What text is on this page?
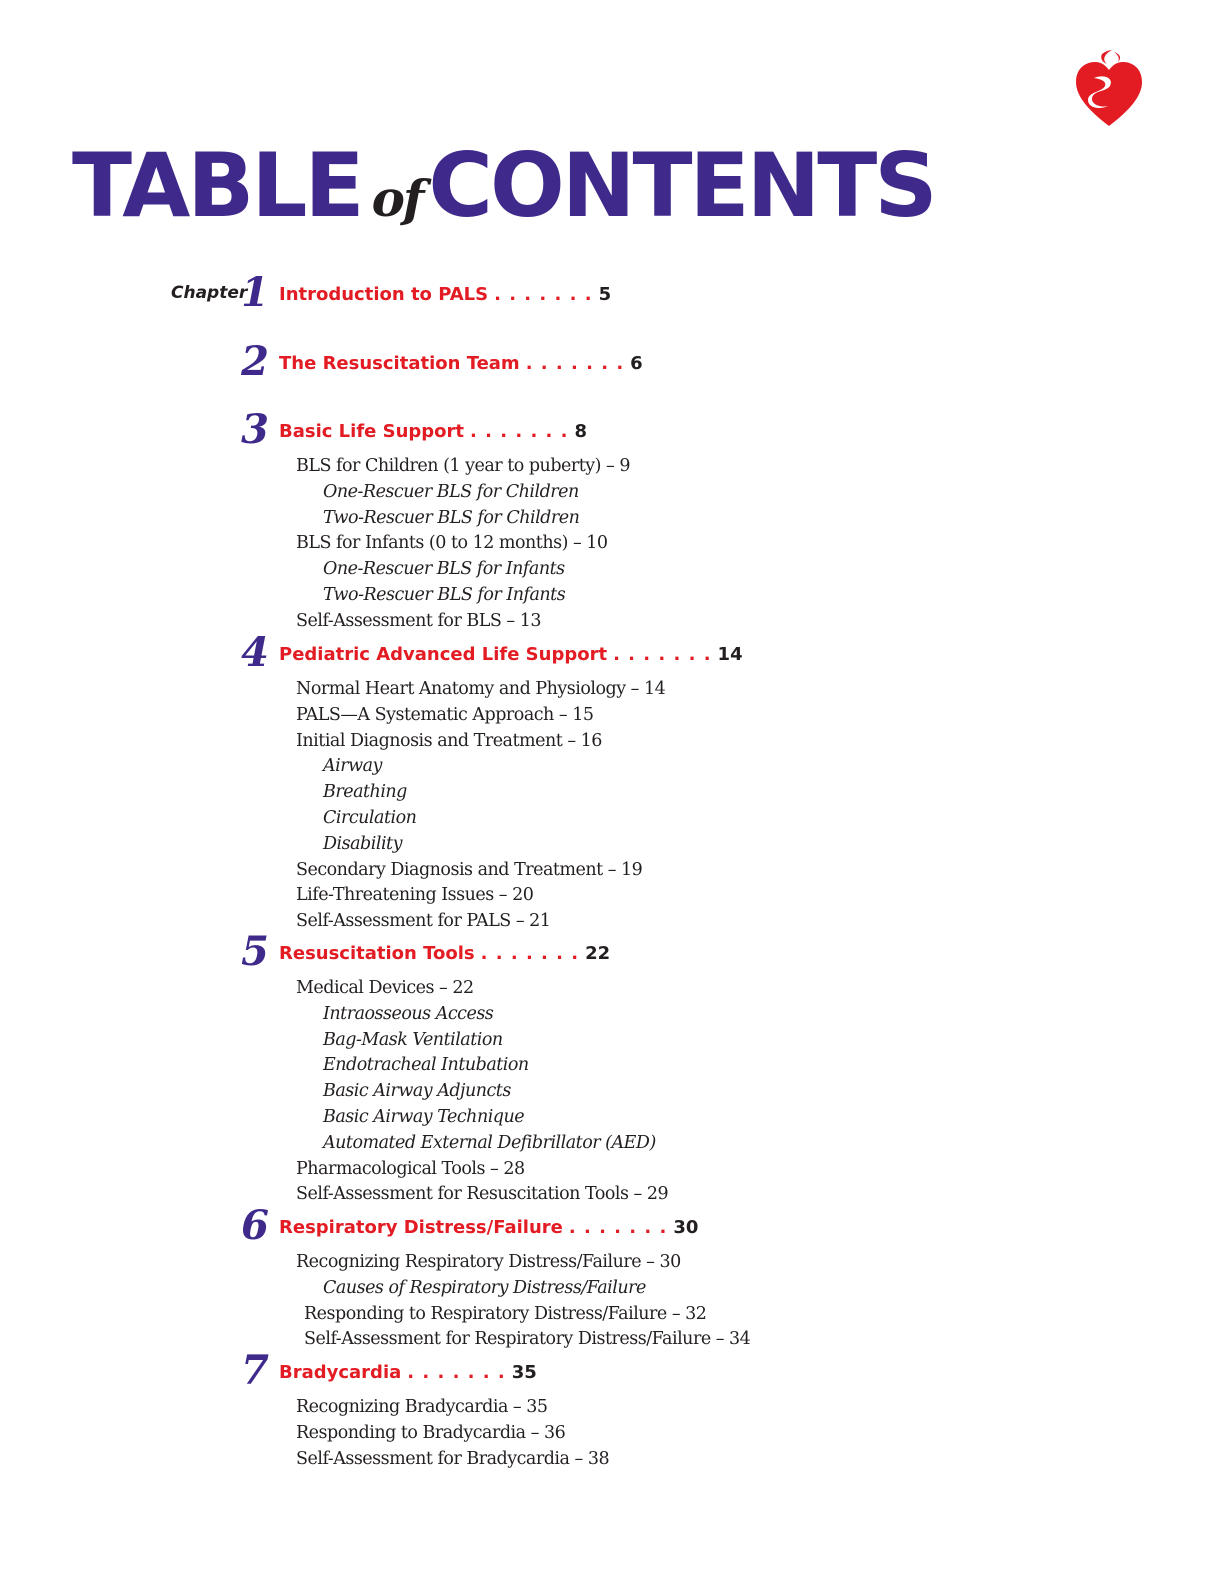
TABLE ofCONTENTS
Chapter
1 Introduction to PALS . . . . . . . 5
2 The Resuscitation Team . . . . . . . 6
3 Basic Life Support . . . . . . . 8
BLS for Children (1 year to puberty) – 9
One-Rescuer BLS for Children
Two-Rescuer BLS for Children
BLS for Infants (0 to 12 months) – 10
One-Rescuer BLS for Infants
Two-Rescuer BLS for Infants
Self-Assessment for BLS – 13
4 Pediatric Advanced Life Support . . . . . . . 14
Normal Heart Anatomy and Physiology – 14
PALS—A Systematic Approach – 15
Initial Diagnosis and Treatment – 16
Airway
Breathing
Circulation
Disability
Secondary Diagnosis and Treatment – 19
Life-Threatening Issues – 20
Self-Assessment for PALS – 21
5 Resuscitation Tools . . . . . . . 22
Medical Devices – 22
Intraosseous Access
Bag-Mask Ventilation
Endotracheal Intubation
Basic Airway Adjuncts
Basic Airway Technique
Automated External Defibrillator (AED)
Pharmacological Tools – 28
Self-Assessment for Resuscitation Tools – 29
6 Respiratory Distress/Failure . . . . . . . 30
Recognizing Respiratory Distress/Failure – 30
Causes of Respiratory Distress/Failure
Responding to Respiratory Distress/Failure – 32
Self-Assessment for Respiratory Distress/Failure – 34
7 Bradycardia . . . . . . . 35
Recognizing Bradycardia – 35
Responding to Bradycardia – 36
Self-Assessment for Bradycardia – 38
